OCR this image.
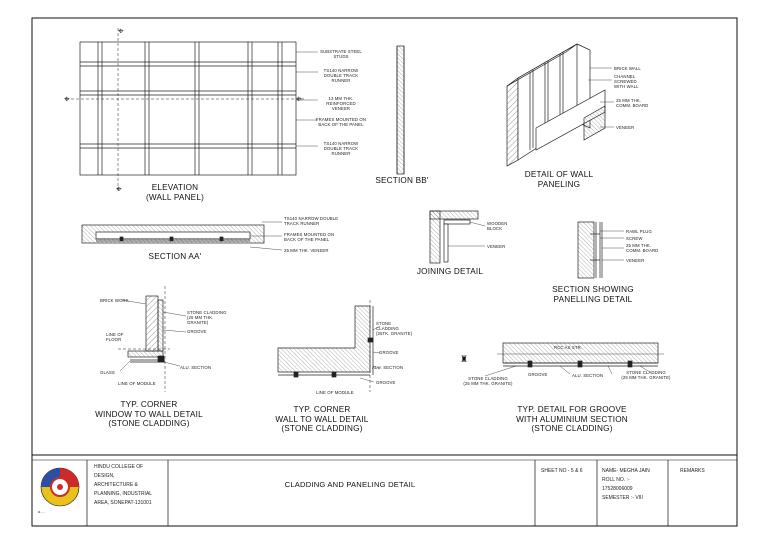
⌖
⌖
⌖
⌖
♜
ELEVATION
(WALL PANEL)
SUBSTRATE STEEL
STUDS
TS140 NARROW
DOUBLE TRACK
RUNNER
13 MM THK.
REINFORCED
VENEER
FRAMES MOUNTED ON
BACK OF THE PANEL
TS140 NARROW
DOUBLE TRACK
RUNNER
SECTION BB'
DETAIL OF WALL
PANELING
BRICK WALL
CHANNEL
SCREWED
WITH WALL
25 MM THK.
COMM. BOARD
VENEER
SECTION AA'
TS140 NARROW DOUBLE
TRACK RUNNER
FRAMES MOUNTED ON
BACK OF THE PANEL
25 MM THK. VENEER
JOINING DETAIL
WOODEN
BLOCK
VENEER
SECTION SHOWING
PANELLING DETAIL
RAWL PLUG
SCREW
25 MM THK.
COMM. BOARD
VENEER
TYP. CORNER
WINDOW TO WALL DETAIL
(STONE CLADDING)
BRICK WORK
STONE CLADDING
(25 MM THK.
GRANITE)
GROOVE
LINE OF
FLOOR
GLASS
ALU. SECTION
LINE OF MODULE
TYP. CORNER
WALL TO WALL DETAIL
(STONE CLADDING)
STONE
CLADDING
(25TK. GRANITE)
GROOVE
ALU. SECTION
GROOVE
LINE OF MODULE
TYP. DETAIL FOR GROOVE
WITH ALUMINIUM SECTION
(STONE CLADDING)
RCC AS STR.
STONE CLADDING
(25 MM THK. GRANITE)
GROOVE	ALU. SECTION
STONE CLADDING
(25 MM THK. GRANITE)
a.....
HINDU COLLEGE OF
DESIGN,
ARCHITECTURE &
PLANNING, INDUSTRIAL
AREA, SONEPAT-131001
CLADDING AND PANELING DETAIL
SHEET NO - 5 & 6	NAME- MEGHA JAIN
ROLL NO. :-
17528006009
SEMESTER :- VIII
REMARKS
